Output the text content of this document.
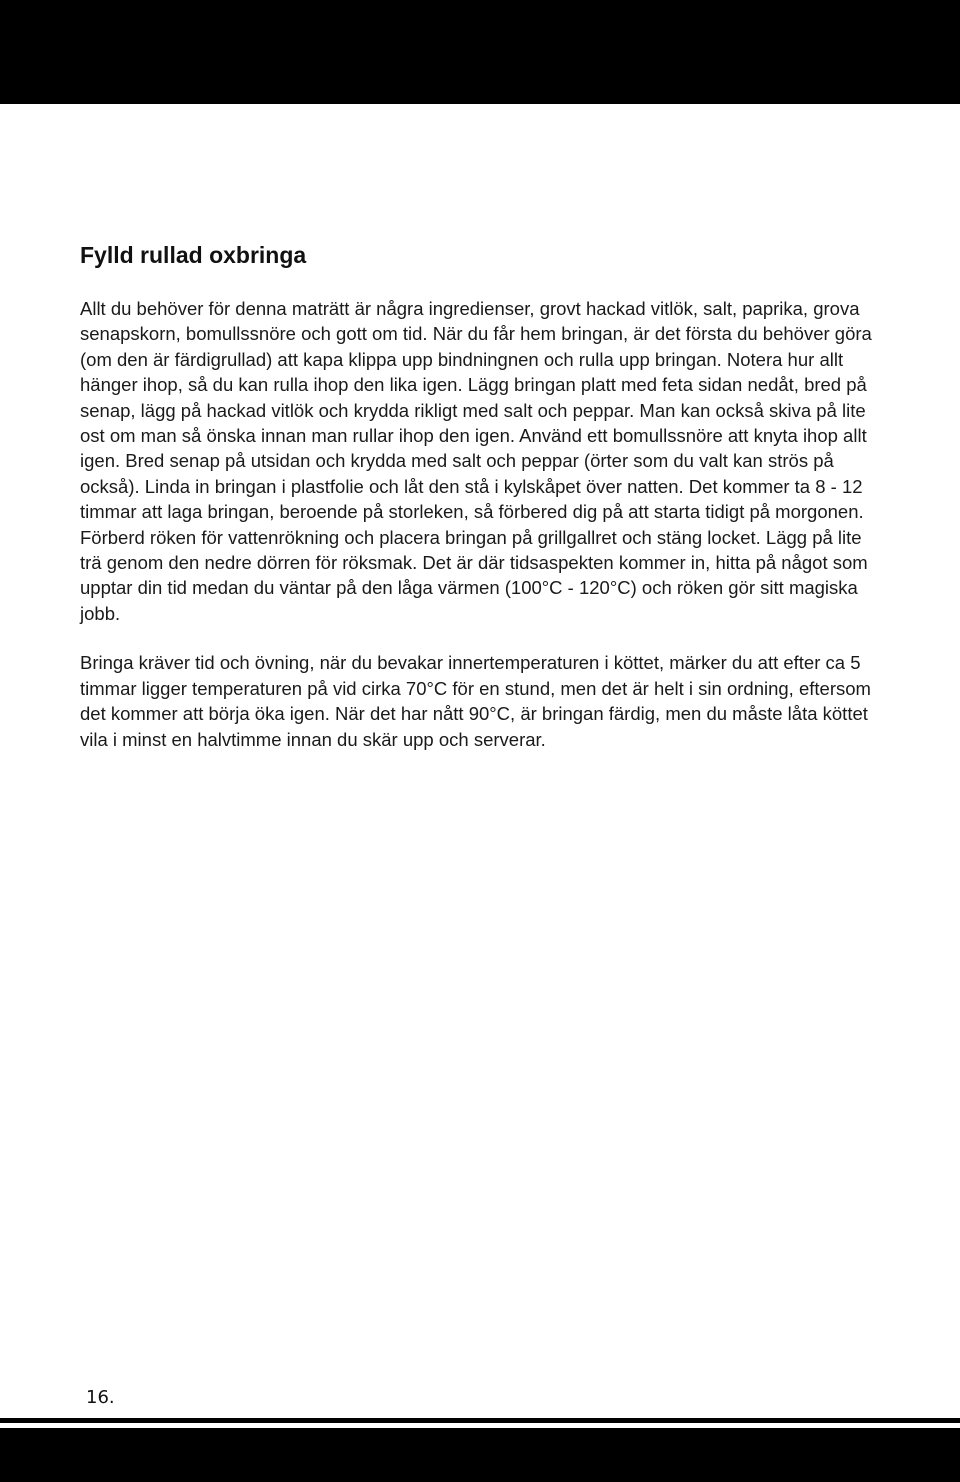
Fylld rullad oxbringa

Allt du behöver för denna maträtt är några ingredienser, grovt hackad vitlök, salt, paprika, grova senapskorn, bomullssnöre och gott om tid. När du får hem bringan, är det första du behöver göra (om den är färdigrullad) att kapa klippa upp bindningnen och rulla upp bringan. Notera hur allt hänger ihop, så du kan rulla ihop den lika igen. Lägg bringan platt med feta sidan nedåt, bred på senap, lägg på hackad vitlök och krydda rikligt med salt och peppar. Man kan också skiva på lite ost om man så önska innan man rullar ihop den igen. Använd ett bomullssnöre att knyta ihop allt igen. Bred senap på utsidan och krydda med salt och peppar (örter som du valt kan strös på också). Linda in bringan i plastfolie och låt den stå i kylskåpet över natten. Det kommer ta 8 - 12 timmar att laga bringan, beroende på storleken, så förbered dig på att starta tidigt på morgonen. Förberd röken för vattenrökning och placera bringan på grillgallret och stäng locket. Lägg på lite trä genom den nedre dörren för röksmak. Det är där tidsaspekten kommer in, hitta på något som upptar din tid medan du väntar på den låga värmen (100°C - 120°C) och röken gör sitt magiska jobb.

Bringa kräver tid och övning, när du bevakar innertemperaturen i köttet, märker du att efter ca 5 timmar ligger temperaturen på vid cirka 70°C för en stund, men det är helt i sin ordning, eftersom det kommer att börja öka igen. När det har nått 90°C, är bringan färdig, men du måste låta köttet vila i minst en halvtimme innan du skär upp och serverar.

16.
